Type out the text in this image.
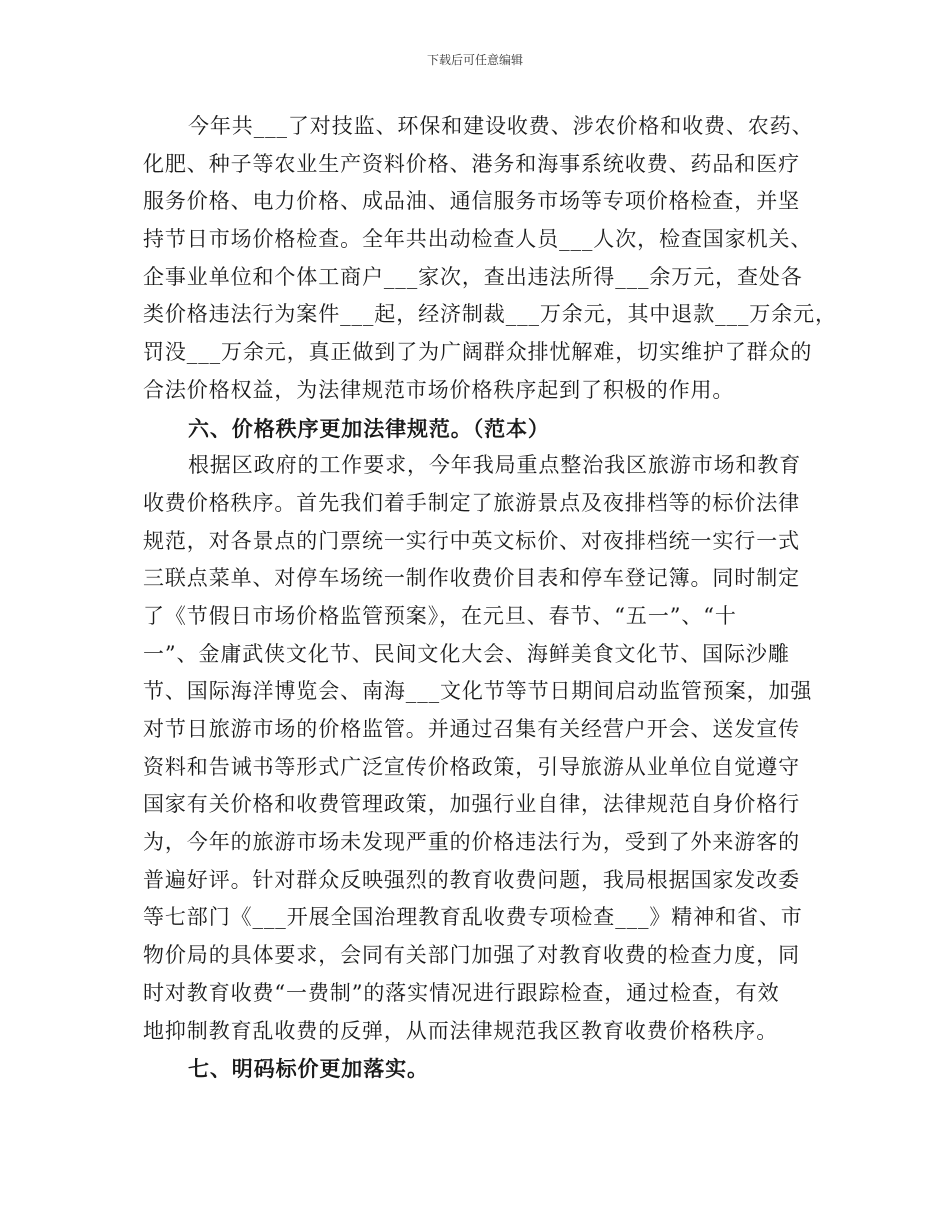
下载后可任意编辑
今年共___了对技监、环保和建设收费、涉农价格和收费、农药、
化肥、种子等农业生产资料价格、港务和海事系统收费、药品和医疗
服务价格、电力价格、成品油、通信服务市场等专项价格检查，并坚
持节日市场价格检查。全年共出动检查人员___人次，检查国家机关、
企事业单位和个体工商户___家次，查出违法所得___余万元，查处各
类价格违法行为案件___起，经济制裁___万余元，其中退款___万余元，
罚没___万余元，真正做到了为广阔群众排忧解难，切实维护了群众的
合法价格权益，为法律规范市场价格秩序起到了积极的作用。
六、价格秩序更加法律规范。（范本）
根据区政府的工作要求，今年我局重点整治我区旅游市场和教育
收费价格秩序。首先我们着手制定了旅游景点及夜排档等的标价法律
规范，对各景点的门票统一实行中英文标价、对夜排档统一实行一式
三联点菜单、对停车场统一制作收费价目表和停车登记簿。同时制定
了《节假日市场价格监管预案》，在元旦、春节、“五一”、“十
一”、金庸武侠文化节、民间文化大会、海鲜美食文化节、国际沙雕
节、国际海洋博览会、南海___文化节等节日期间启动监管预案，加强
对节日旅游市场的价格监管。并通过召集有关经营户开会、送发宣传
资料和告诫书等形式广泛宣传价格政策，引导旅游从业单位自觉遵守
国家有关价格和收费管理政策，加强行业自律，法律规范自身价格行
为，今年的旅游市场未发现严重的价格违法行为，受到了外来游客的
普遍好评。针对群众反映强烈的教育收费问题，我局根据国家发改委
等七部门《___开展全国治理教育乱收费专项检查___》精神和省、市
物价局的具体要求，会同有关部门加强了对教育收费的检查力度，同
时对教育收费“一费制”的落实情况进行跟踪检查，通过检查，有效
地抑制教育乱收费的反弹，从而法律规范我区教育收费价格秩序。
七、明码标价更加落实。
